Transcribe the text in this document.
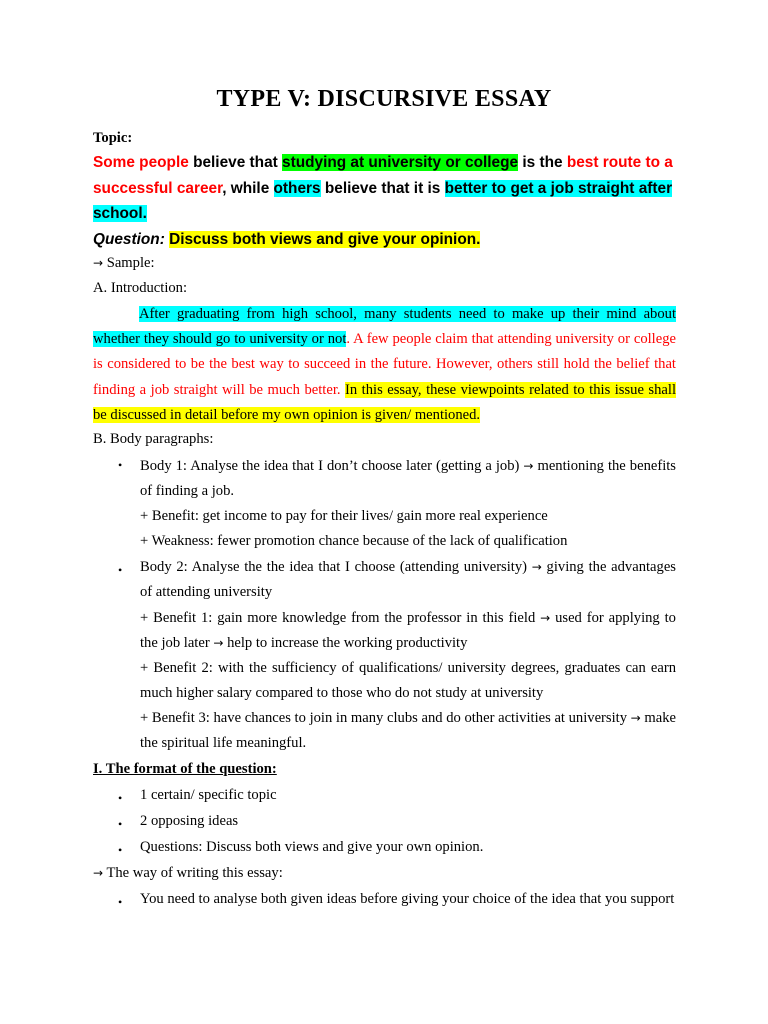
TYPE V: DISCURSIVE ESSAY
Topic:
Some people believe that studying at university or college is the best route to a successful career, while others believe that it is better to get a job straight after school.
Question: Discuss both views and give your opinion.
→ Sample:
A. Introduction:
After graduating from high school, many students need to make up their mind about whether they should go to university or not. A few people claim that attending university or college is considered to be the best way to succeed in the future. However, others still hold the belief that finding a job straight will be much better. In this essay, these viewpoints related to this issue shall be discussed in detail before my own opinion is given/ mentioned.
B. Body paragraphs:
• Body 1: Analyse the idea that I don’t choose later (getting a job) → mentioning the benefits of finding a job.
+ Benefit: get income to pay for their lives/ gain more real experience
+ Weakness: fewer promotion chance because of the lack of qualification
• Body 2: Analyse the the idea that I choose (attending university) → giving the advantages of attending university
+ Benefit 1: gain more knowledge from the professor in this field → used for applying to the job later → help to increase the working productivity
+ Benefit 2: with the sufficiency of qualifications/ university degrees, graduates can earn much higher salary compared to those who do not study at university
+ Benefit 3: have chances to join in many clubs and do other activities at university → make the spiritual life meaningful.
I. The format of the question:
• 1 certain/ specific topic
• 2 opposing ideas
• Questions: Discuss both views and give your own opinion.
→ The way of writing this essay:
• You need to analyse both given ideas before giving your choice of the idea that you support
